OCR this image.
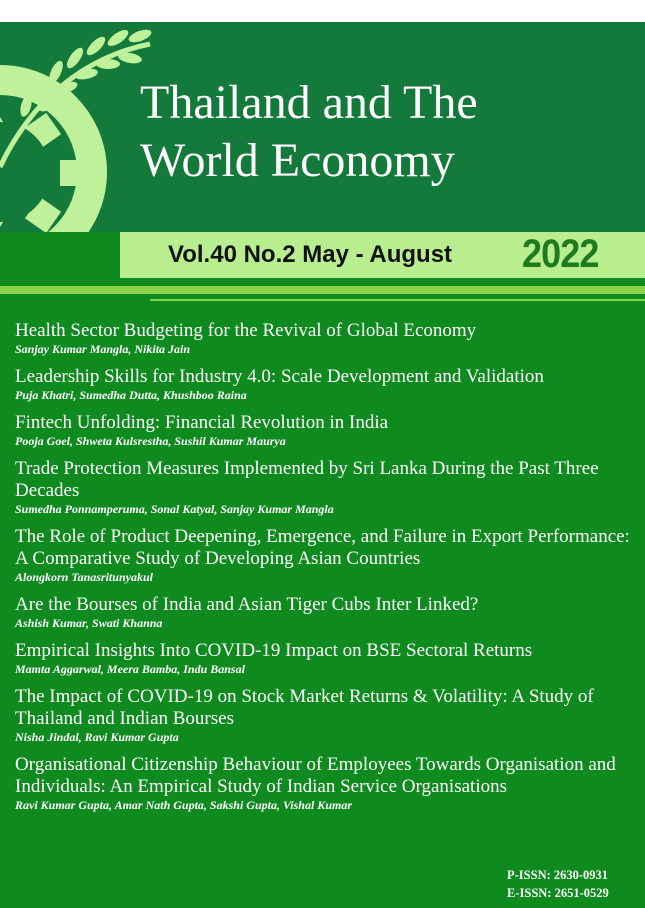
Thailand and The
World Economy
Vol.40 No.2 May - August 2022

Health Sector Budgeting for the Revival of Global Economy

Sanjay Kumar Mangla, Nikita Jain

Leadership Skills for Industry 4.0: Scale Development and Validation

Puja Khatri, Sumedha Dutta, Khushboo Raina

Fintech Unfolding: Financial Revolution in India

Pooja Goel, Shweta Kulsrestha, Sushil Kumar Maurya

Trade Protection Measures Implemented by Sri Lanka During the Past Three Decades

Sumedha Ponnamperuma, Sonal Katyal, Sanjay Kumar Mangla

The Role of Product Deepening, Emergence, and Failure in Export Performance: A Comparative Study of Developing Asian Countries

Alongkorn Tanasritunyakul

Are the Bourses of India and Asian Tiger Cubs Inter Linked?

Ashish Kumar, Swati Khanna

Empirical Insights Into COVID-19 Impact on BSE Sectoral Returns

Mamta Aggarwal, Meera Bamba, Indu Bansal

The Impact of COVID-19 on Stock Market Returns & Volatility: A Study of Thailand and Indian Bourses

Nisha Jindal, Ravi Kumar Gupta

Organisational Citizenship Behaviour of Employees Towards Organisation and Individuals: An Empirical Study of Indian Service Organisations

Ravi Kumar Gupta, Amar Nath Gupta, Sakshi Gupta, Vishal Kumar

P-ISSN: 2630-0931
E-ISSN: 2651-0529
